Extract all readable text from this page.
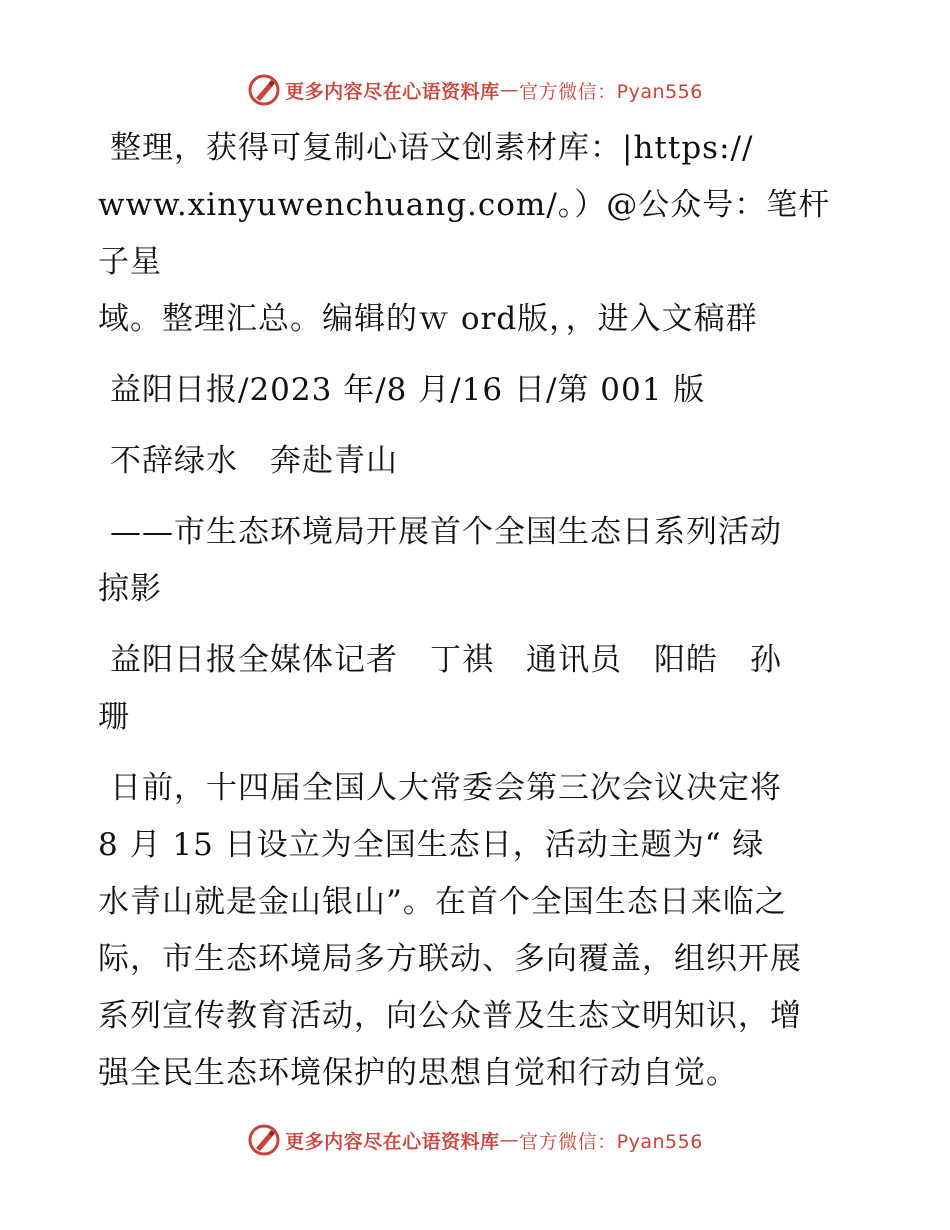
更多内容尽在心语资料库 — 官方微信：Pyan556

整理，获得可复制心语文创素材库：|https://

www.xinyuwenchuang.com/。）@公众号：笔杆子星

域。整理汇总。编辑的ｗ ord版，，进入文稿群

益阳日报/2023 年/8 月/16 日/第 001 版

不辞绿水　奔赴青山

——市生态环境局开展首个全国生态日系列活动

掠影

益阳日报全媒体记者　丁祺　通讯员　阳皓　孙

珊

日前，十四届全国人大常委会第三次会议决定将

8 月 15 日设立为全国生态日，活动主题为“ 绿

水青山就是金山银山”。在首个全国生态日来临之

际，市生态环境局多方联动、多向覆盖，组织开展

系列宣传教育活动，向公众普及生态文明知识，增

强全民生态环境保护的思想自觉和行动自觉。

更多内容尽在心语资料库 — 官方微信：Pyan556
